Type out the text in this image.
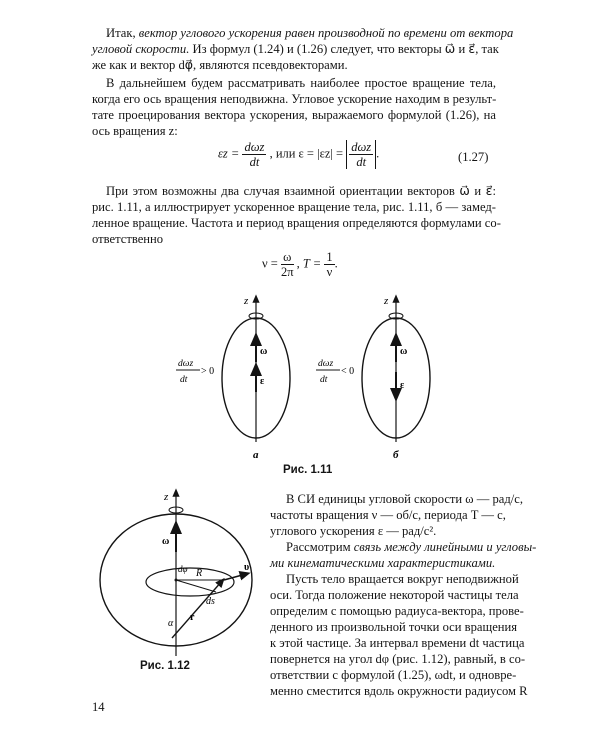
Итак, вектор углового ускорения равен производной по времени от вектора
угловой скорости. Из формул (1.24) и (1.26) следует, что векторы ω⃗ и ε⃗, так
же как и вектор dφ⃗, являются псевдовекторами.
В дальнейшем будем рассматривать наиболее простое вращение тела,
когда его ось вращения неподвижна. Угловое ускорение находим в результ-
тате проецирования вектора ускорения, выражаемого формулой (1.26), на
ось вращения z:
$\varepsilon z = \frac{\text{dωz}}{dt}$ , или $\varepsilon = |\varepsilon z| = \frac{\text{dωz}}{dt}$ .	(1.27)
При этом возможны два случая взаимной ориентации векторов ω⃗ и ε⃗:
рис. 1.11, а иллюстрирует ускоренное вращение тела, рис. 1.11, б — замед-
ленное вращение. Частота и период вращения определяются формулами со-
ответственно
$\nu = \frac{\omega}{2\pi}$ , $T = \frac{1}{\nu}$ .
z
ω⃗
ε⃗
dωz
dt
> 0
а
z
ω⃗
ε⃗
dωz
dt
< 0
б
Рис. 1.11
z
ω⃗
R
dφ	υ⃗
ds
r⃗
α
Рис. 1.12
В СИ единицы угловой скорости ω — рад/с,
частоты вращения ν — об/с, периода T — с,
углового ускорения ε — рад/с².
Рассмотрим связь между линейными и угловы-
ми кинематическими характеристиками.
Пусть тело вращается вокруг неподвижной
оси. Тогда положение некоторой частицы тела
определим с помощью радиуса-вектора, прове-
денного из произвольной точки оси вращения
к этой частице. За интервал времени dt частица
повернется на угол dφ (рис. 1.12), равный, в со-
ответствии с формулой (1.25), ωdt, и одновре-
менно сместится вдоль окружности радиусом R
14
